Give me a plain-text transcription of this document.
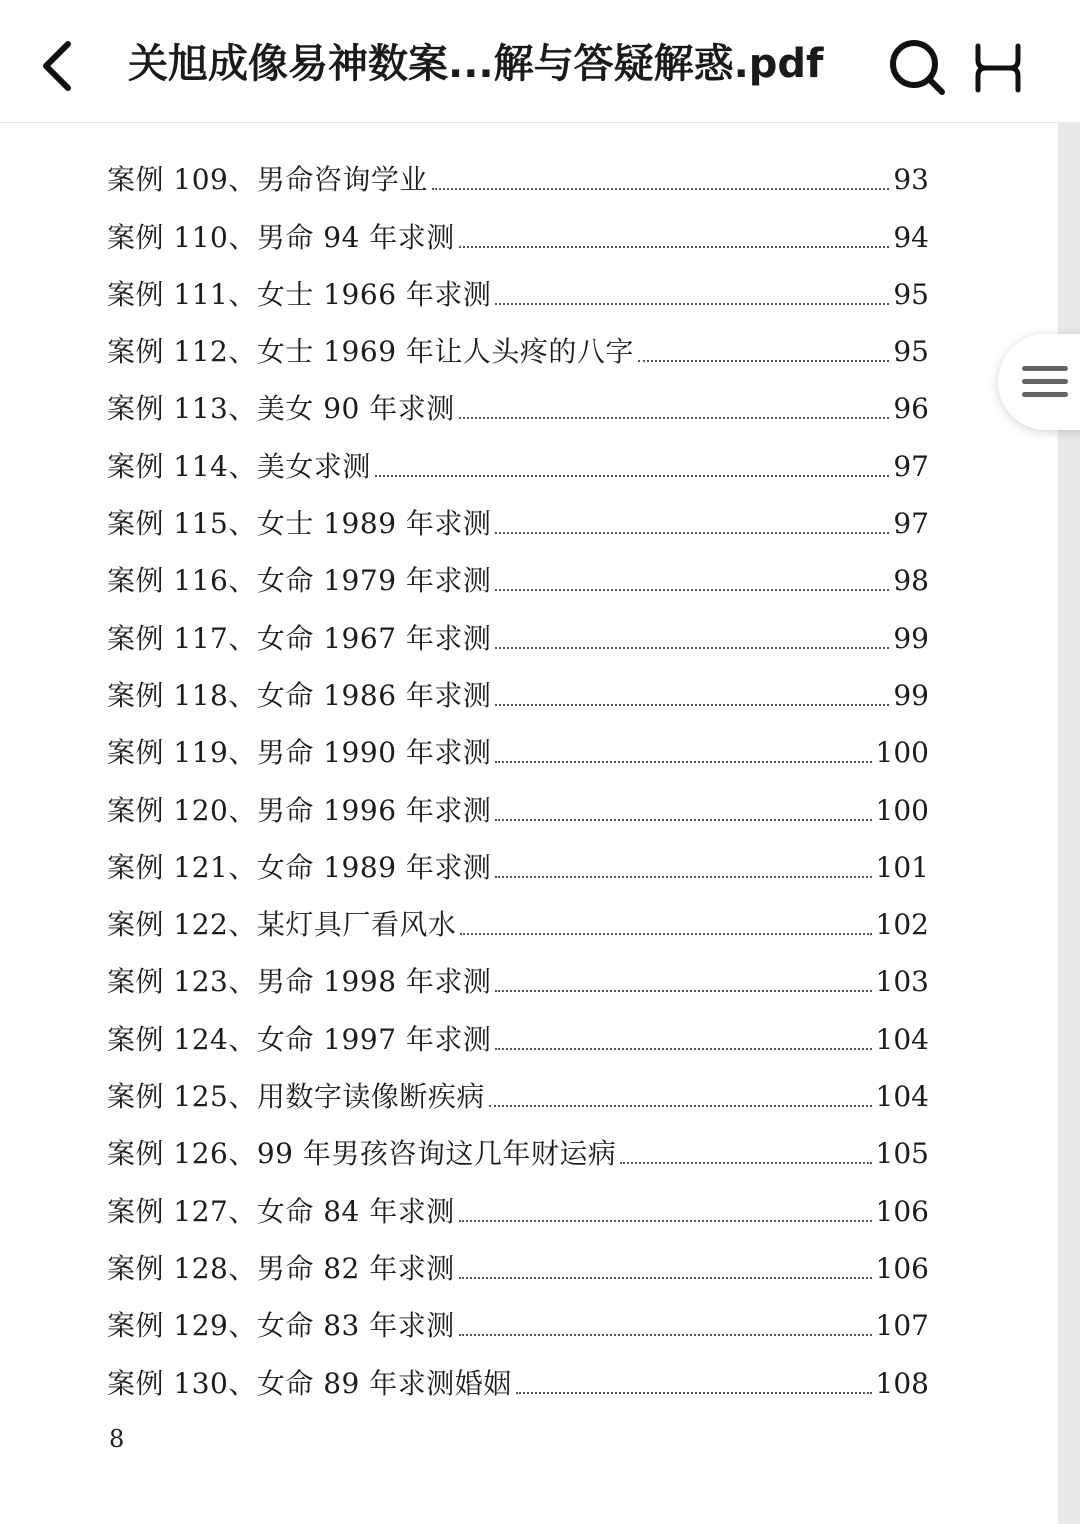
关旭成像易神数案...解与答疑解惑.pdf
案例 109、男命咨询学业	93
案例 110、男命 94 年求测	94
案例 111、女士 1966 年求测	95
案例 112、女士 1969 年让人头疼的八字	95
案例 113、美女 90 年求测	96
案例 114、美女求测	97
案例 115、女士 1989 年求测	97
案例 116、女命 1979 年求测	98
案例 117、女命 1967 年求测	99
案例 118、女命 1986 年求测	99
案例 119、男命 1990 年求测	100
案例 120、男命 1996 年求测	100
案例 121、女命 1989 年求测	101
案例 122、某灯具厂看风水	102
案例 123、男命 1998 年求测	103
案例 124、女命 1997 年求测	104
案例 125、用数字读像断疾病	104
案例 126、99 年男孩咨询这几年财运病	105
案例 127、女命 84 年求测	106
案例 128、男命 82 年求测	106
案例 129、女命 83 年求测	107
案例 130、女命 89 年求测婚姻	108
8
